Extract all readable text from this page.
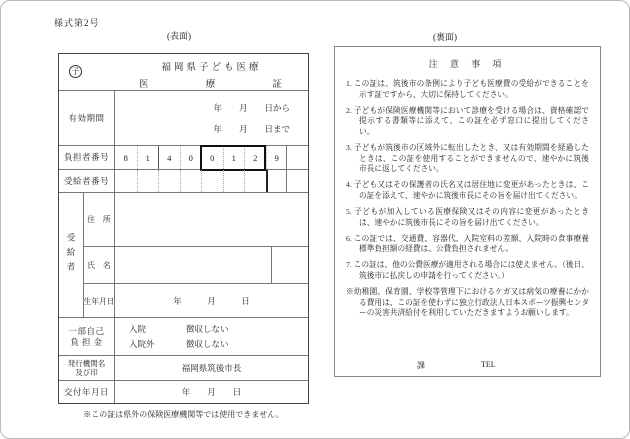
様式第2号
(表面)	(裏面)
子	福岡県子ども医療
医	療	証
有効期間
年　　月　　日から
年　　月　　日まで
負担者番号	8	1	4	0	0	1	2	9
受給者番号
受給者
住　所
氏　名
生年月日	年　　　月　　　日
一部自己
負 担 金
入院	徴収しない
入院外	徴収しない
発行機関名
及び印	福岡県筑後市長
交付年月日	年　　月　　日
※この証は県外の保険医療機関等では使用できません。
注 意 事 項
1. この証は、筑後市の条例により子ども医療費の受給ができることを示す証ですから、大切に保持してください。
2. 子どもが保険医療機関等において診療を受ける場合は、資格確認で提示する書類等に添えて、この証を必ず窓口に提出してください。
3. 子どもが筑後市の区域外に転出したとき、又は有効期間を経過したときは、この証を使用することができませんので、速やかに筑後市長に返してください。
4. 子ども又はその保護者の氏名又は居住地に変更があったときは、この証を添えて、速やかに筑後市長にその旨を届け出てください。
5. 子どもが加入している医療保険又はその内容に変更があったときは、速やかに筑後市長にその旨を届け出てください。
6. この証では、交通費、容器代、入院室料の差額、入院時の食事療養標準負担額の経費は、公費負担されません。
7. この証は、他の公費医療が適用される場合には使えません。（後日、筑後市に払戻しの申請を行ってください。）
※幼稚園、保育園、学校等管理下におけるケガ又は病気の療養にかかる費用は、この証を使わずに独立行政法人日本スポーツ振興センターの災害共済給付を利用していただきますようお願いします。
課	TEL
